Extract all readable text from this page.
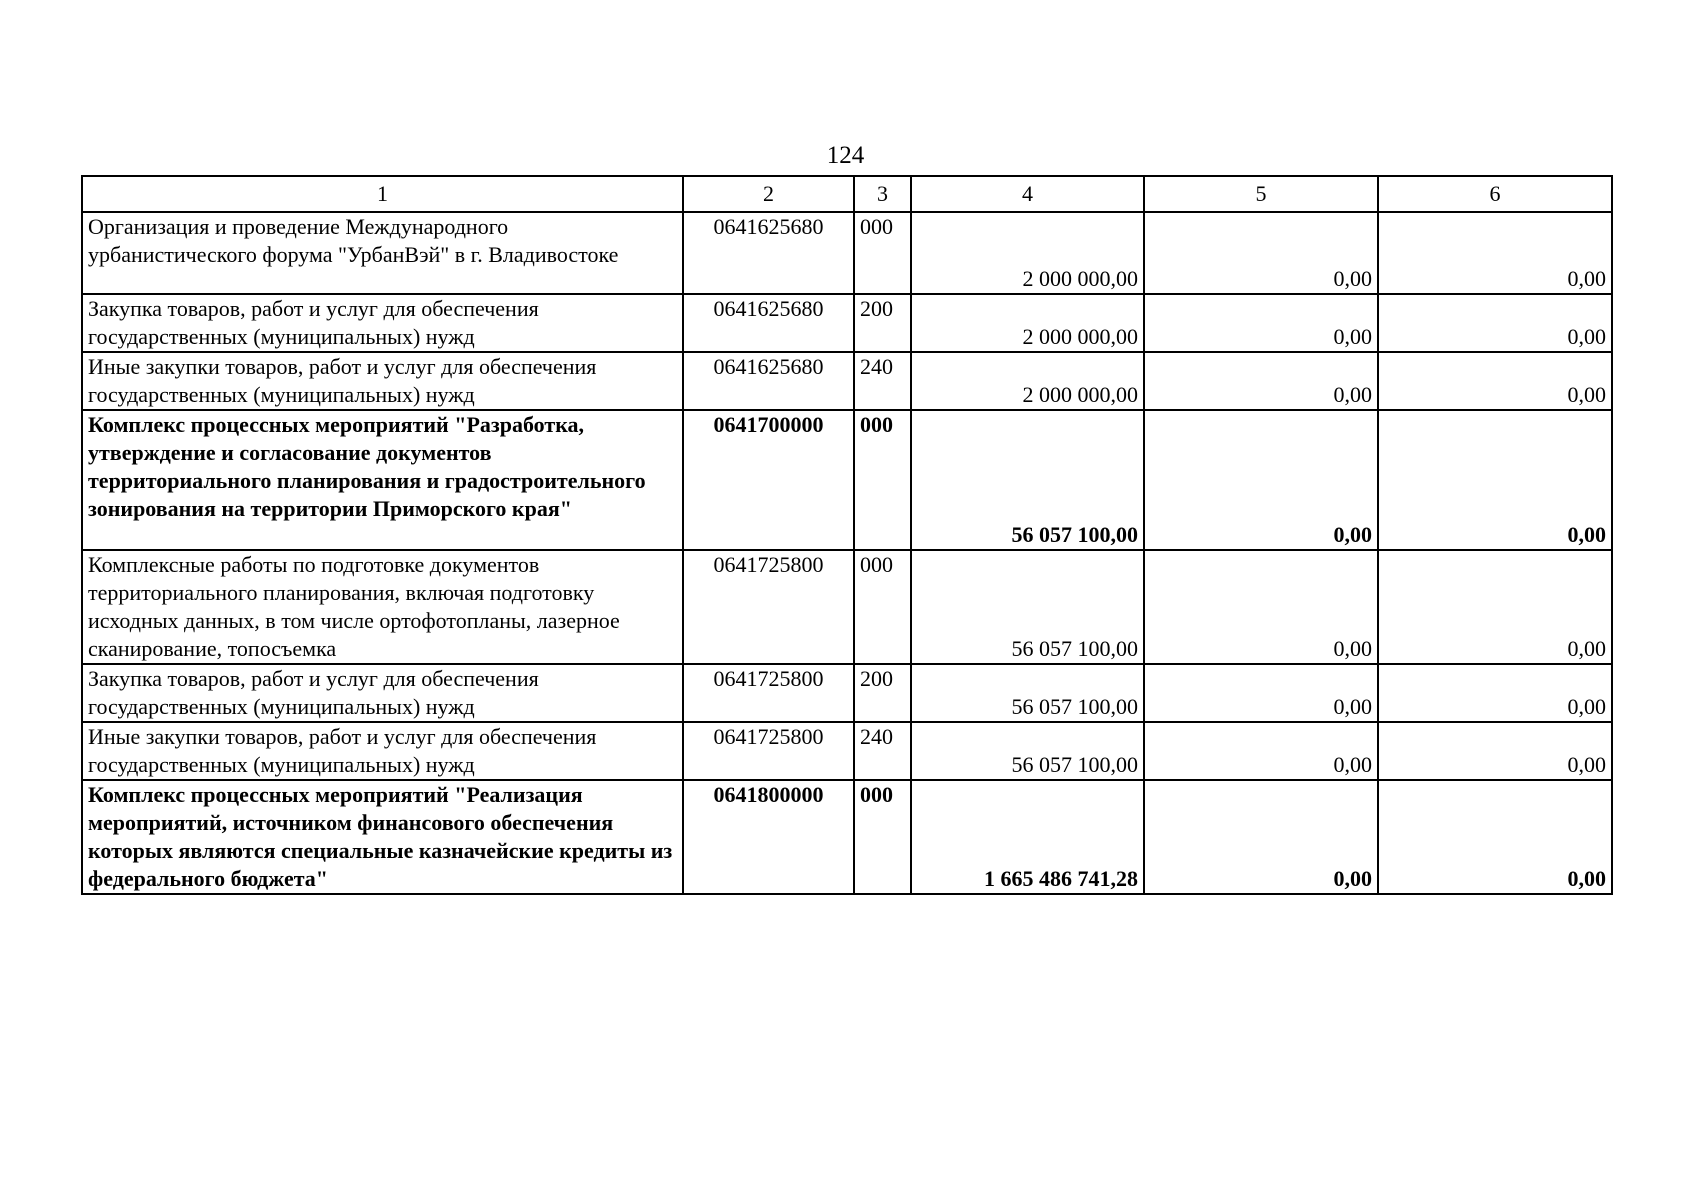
124
1	2	3	4	5	6
Организация и проведение Международного урбанистического форума "УрбанВэй" в г. Владивостоке	0641625680	000	2 000 000,00	0,00	0,00
Закупка товаров, работ и услуг для обеспечения государственных (муниципальных) нужд	0641625680	200	2 000 000,00	0,00	0,00
Иные закупки товаров, работ и услуг для обеспечения государственных (муниципальных) нужд	0641625680	240	2 000 000,00	0,00	0,00
Комплекс процессных мероприятий "Разработка, утверждение и согласование документов территориального планирования и градостроительного зонирования на территории Приморского края"	0641700000	000	56 057 100,00	0,00	0,00
Комплексные работы по подготовке документов территориального планирования, включая подготовку исходных данных, в том числе ортофотопланы, лазерное сканирование, топосъемка	0641725800	000	56 057 100,00	0,00	0,00
Закупка товаров, работ и услуг для обеспечения государственных (муниципальных) нужд	0641725800	200	56 057 100,00	0,00	0,00
Иные закупки товаров, работ и услуг для обеспечения государственных (муниципальных) нужд	0641725800	240	56 057 100,00	0,00	0,00
Комплекс процессных мероприятий "Реализация мероприятий, источником финансового обеспечения которых являются специальные казначейские кредиты из федерального бюджета"	0641800000	000	1 665 486 741,28	0,00	0,00
